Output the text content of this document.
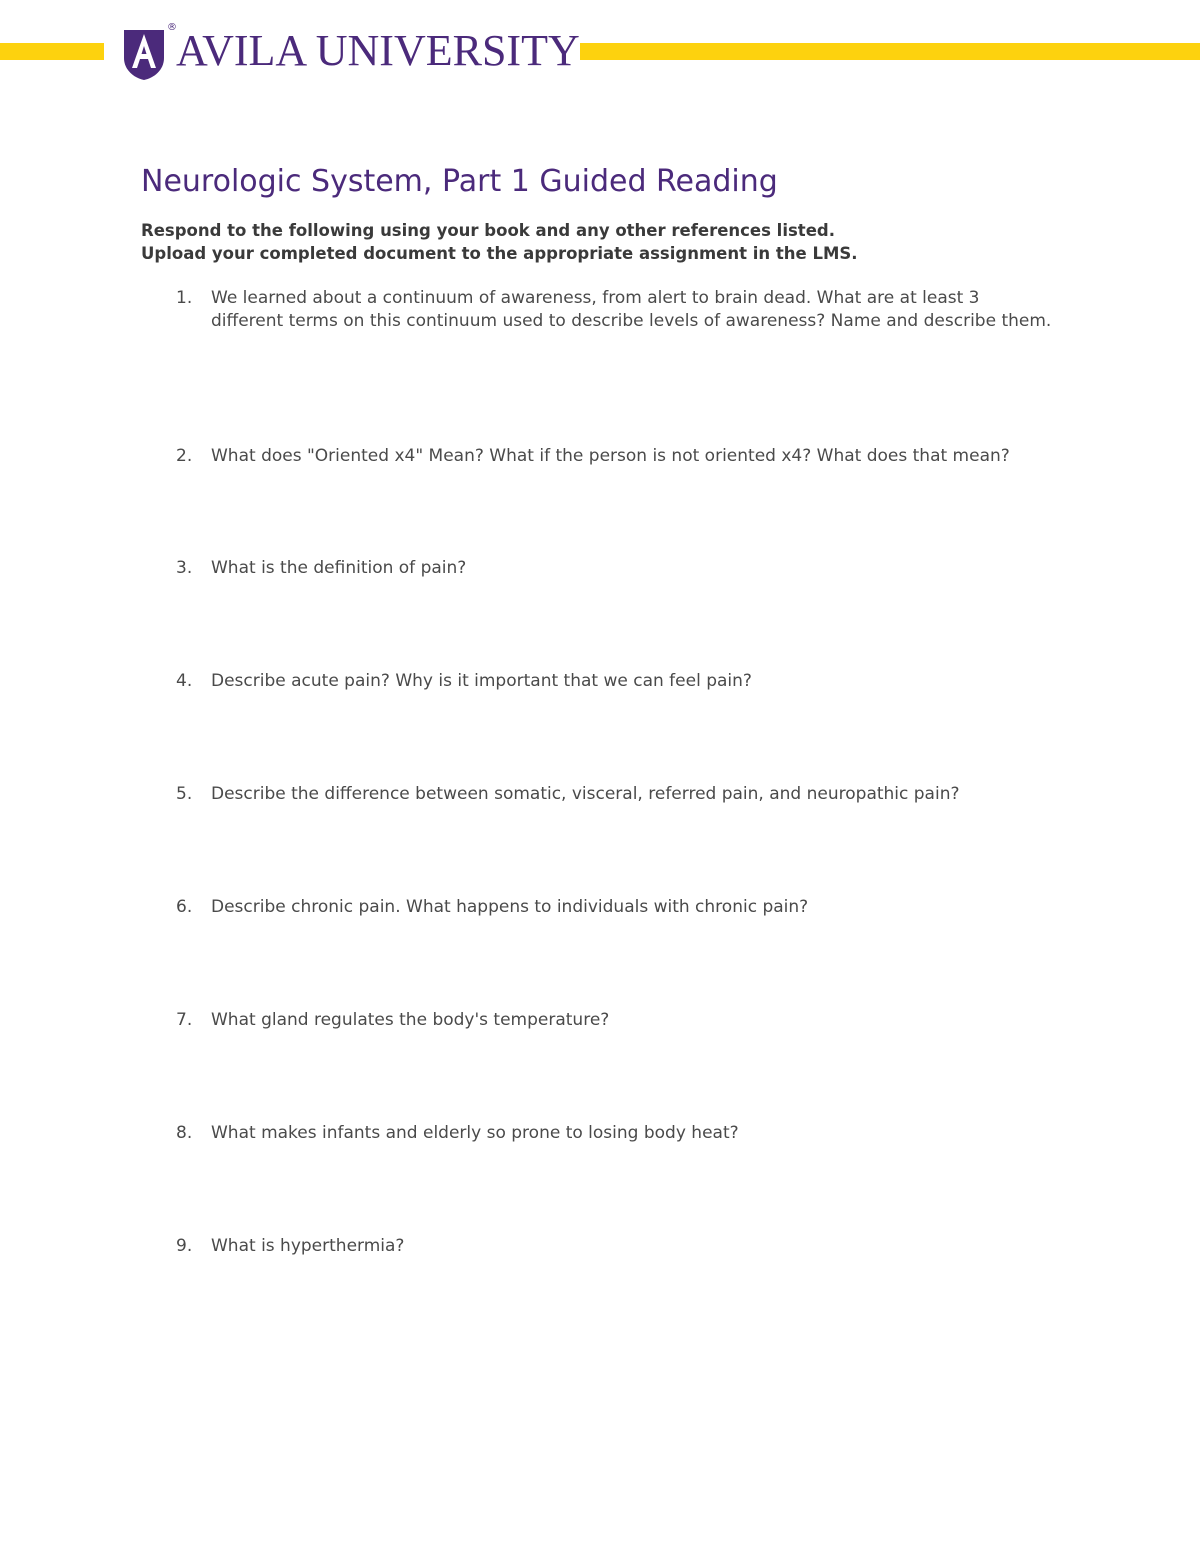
® AVILA UNIVERSITY
Neurologic System, Part 1 Guided Reading
Respond to the following using your book and any other references listed.
Upload your completed document to the appropriate assignment in the LMS.
1.	We learned about a continuum of awareness, from alert to brain dead. What are at least 3 different terms on this continuum used to describe levels of awareness? Name and describe them.
2.	What does "Oriented x4" Mean? What if the person is not oriented x4? What does that mean?
3.	What is the definition of pain?
4.	Describe acute pain? Why is it important that we can feel pain?
5.	Describe the difference between somatic, visceral, referred pain, and neuropathic pain?
6.	Describe chronic pain. What happens to individuals with chronic pain?
7.	What gland regulates the body's temperature?
8.	What makes infants and elderly so prone to losing body heat?
9.	What is hyperthermia?
